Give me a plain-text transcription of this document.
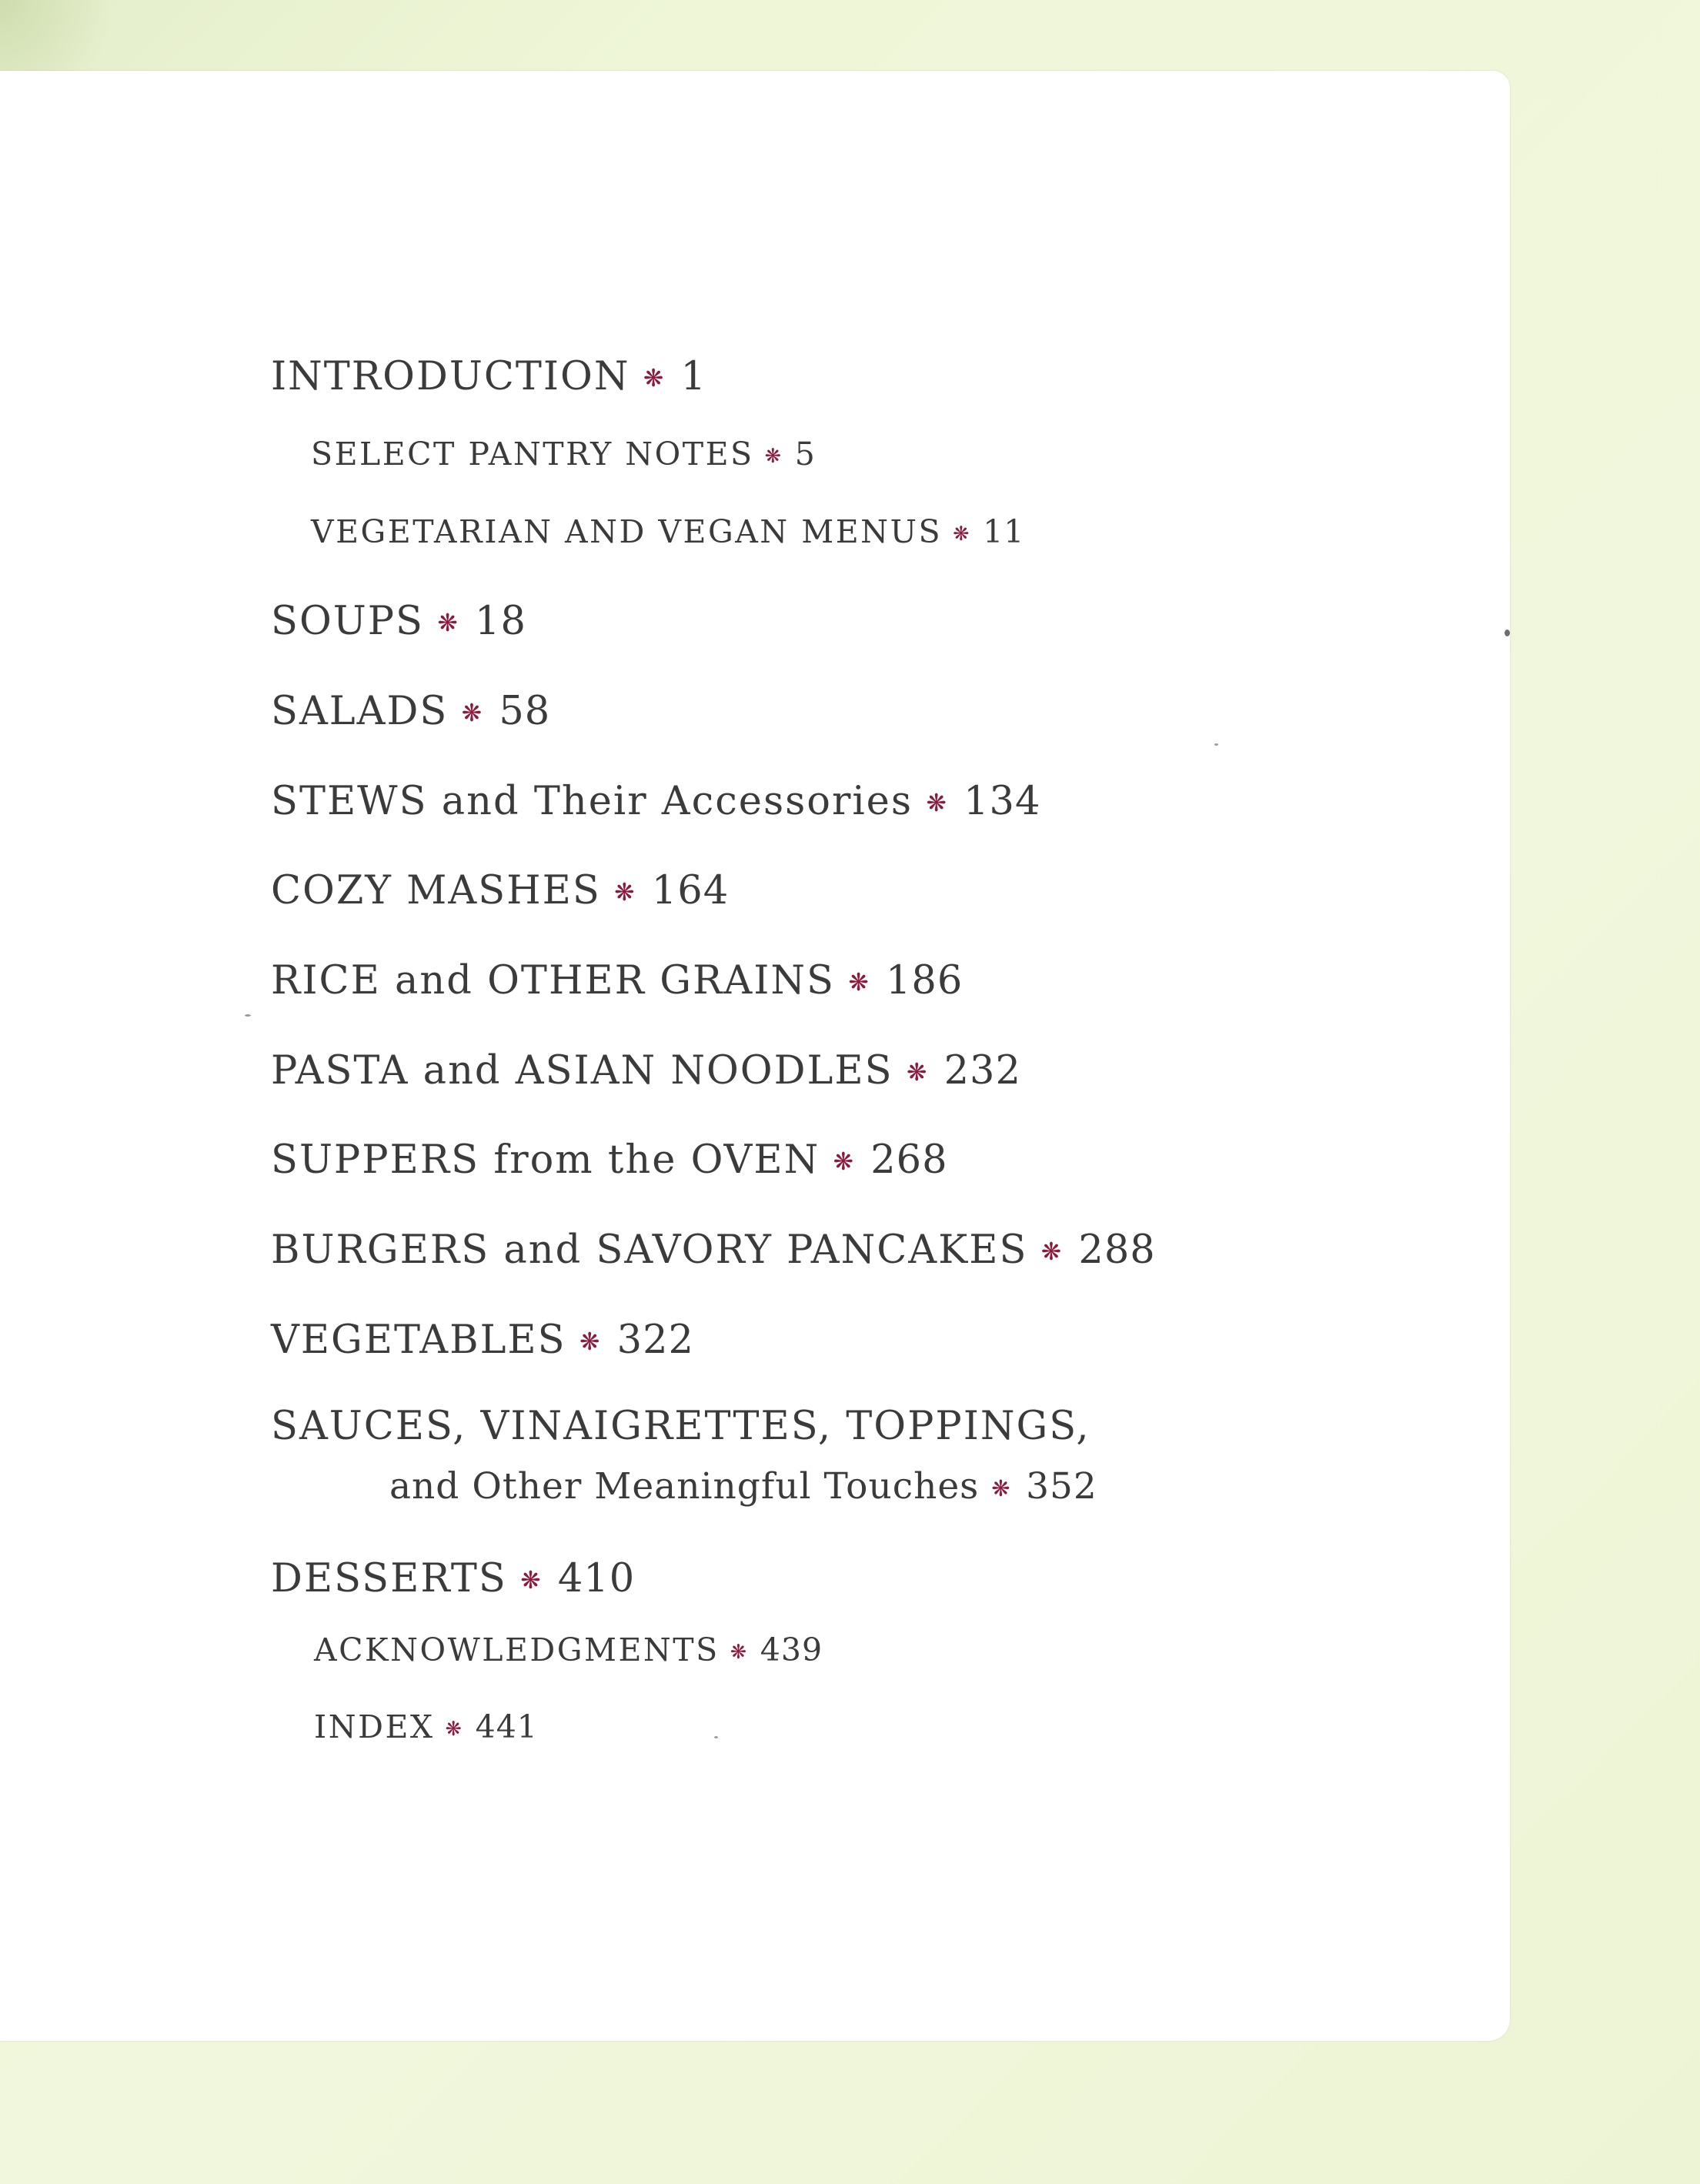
INTRODUCTION ❋ 1
SELECT PANTRY NOTES ❋ 5
VEGETARIAN AND VEGAN MENUS ❋ 11
SOUPS ❋ 18
SALADS ❋ 58
STEWS and Their Accessories ❋ 134
COZY MASHES ❋ 164
RICE and OTHER GRAINS ❋ 186
PASTA and ASIAN NOODLES ❋ 232
SUPPERS from the OVEN ❋ 268
BURGERS and SAVORY PANCAKES ❋ 288
VEGETABLES ❋ 322
SAUCES, VINAIGRETTES, TOPPINGS,
and Other Meaningful Touches ❋ 352
DESSERTS ❋ 410
ACKNOWLEDGMENTS ❋ 439
INDEX ❋ 441
